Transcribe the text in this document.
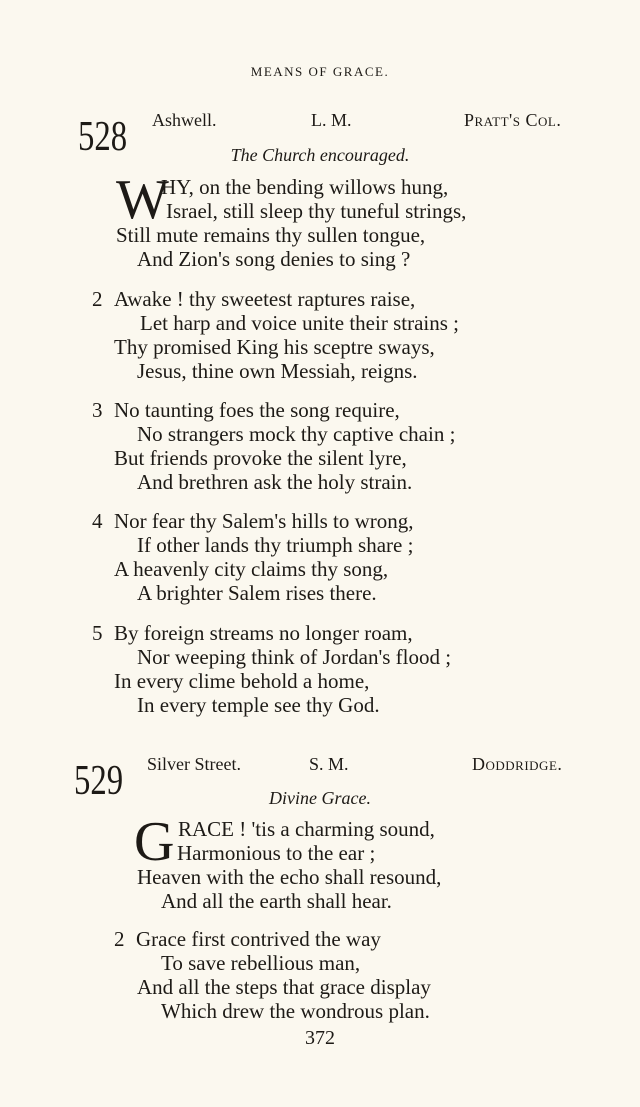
MEANS OF GRACE.
528 Ashwell.	L. M.	Pratt's Col.
The Church encouraged.
W
HY, on the bending willows hung,
Israel, still sleep thy tuneful strings,
Still mute remains thy sullen tongue,
And Zion's song denies to sing ?
2 Awake ! thy sweetest raptures raise,
Let harp and voice unite their strains ;
Thy promised King his sceptre sways,
Jesus, thine own Messiah, reigns.
3 No taunting foes the song require,
No strangers mock thy captive chain ;
But friends provoke the silent lyre,
And brethren ask the holy strain.
4 Nor fear thy Salem's hills to wrong,
If other lands thy triumph share ;
A heavenly city claims thy song,
A brighter Salem rises there.
5 By foreign streams no longer roam,
Nor weeping think of Jordan's flood ;
In every clime behold a home,
In every temple see thy God.
529 Silver Street.	S. M.	Doddridge.
Divine Grace.
G RACE ! 'tis a charming sound,
Harmonious to the ear ;
Heaven with the echo shall resound,
And all the earth shall hear.
2 Grace first contrived the way
To save rebellious man,
And all the steps that grace display
Which drew the wondrous plan.
372
